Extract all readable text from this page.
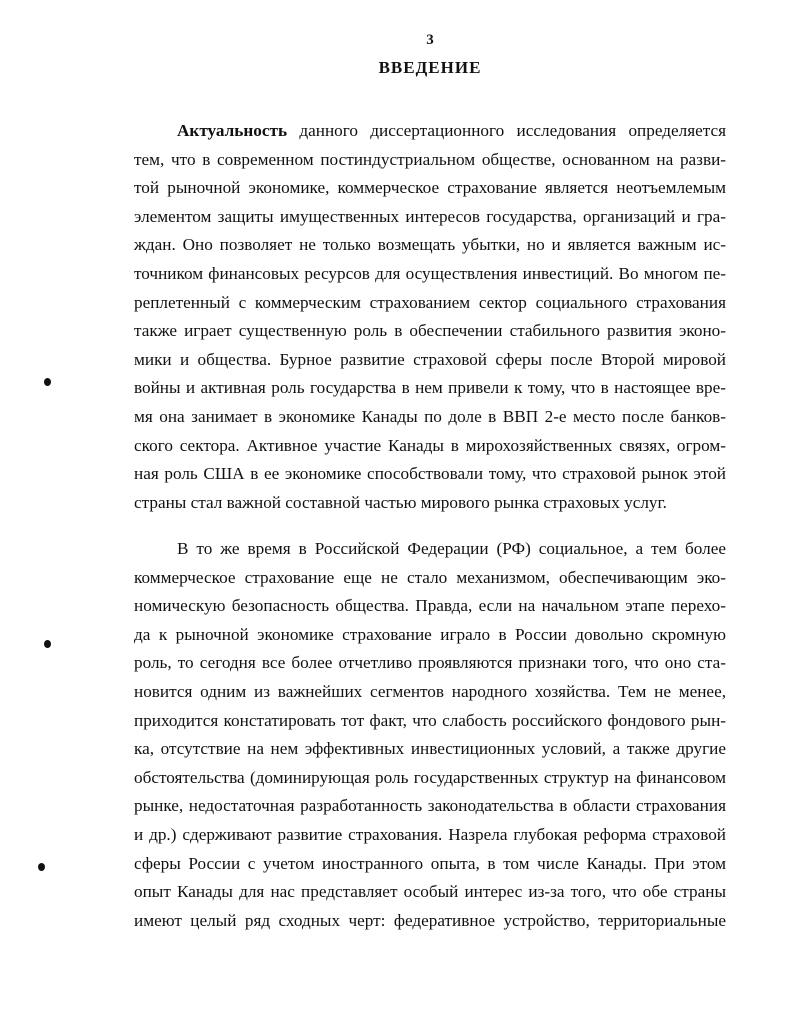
3
ВВЕДЕНИЕ
Актуальность данного диссертационного исследования определяется
тем, что в современном постиндустриальном обществе, основанном на разви-
той рыночной экономике, коммерческое страхование является неотъемлемым
элементом защиты имущественных интересов государства, организаций и гра-
ждан. Оно позволяет не только возмещать убытки, но и является важным ис-
точником финансовых ресурсов для осуществления инвестиций. Во многом пе-
реплетенный с коммерческим страхованием сектор социального страхования
также играет существенную роль в обеспечении стабильного развития эконо-
мики и общества. Бурное развитие страховой сферы после Второй мировой
войны и активная роль государства в нем привели к тому, что в настоящее вре-
мя она занимает в экономике Канады по доле в ВВП 2-е место после банков-
ского сектора. Активное участие Канады в мирохозяйственных связях, огром-
ная роль США в ее экономике способствовали тому, что страховой рынок этой
страны стал важной составной частью мирового рынка страховых услуг.
В то же время в Российской Федерации (РФ) социальное, а тем более
коммерческое страхование еще не стало механизмом, обеспечивающим эко-
номическую безопасность общества. Правда, если на начальном этапе перехо-
да к рыночной экономике страхование играло в России довольно скромную
роль, то сегодня все более отчетливо проявляются признаки того, что оно ста-
новится одним из важнейших сегментов народного хозяйства. Тем не менее,
приходится констатировать тот факт, что слабость российского фондового рын-
ка, отсутствие на нем эффективных инвестиционных условий, а также другие
обстоятельства (доминирующая роль государственных структур на финансовом
рынке, недостаточная разработанность законодательства в области страхования
и др.) сдерживают развитие страхования. Назрела глубокая реформа страховой
сферы России с учетом иностранного опыта, в том числе Канады. При этом
опыт Канады для нас представляет особый интерес из-за того, что обе страны
имеют целый ряд сходных черт: федеративное устройство, территориальные
